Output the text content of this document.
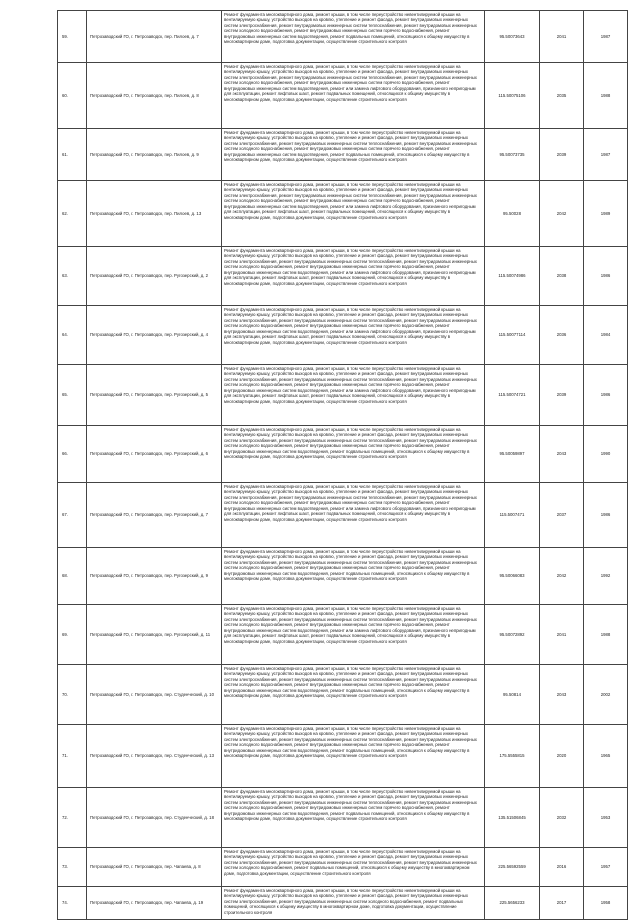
59.	Петрозаводский ГО, г. Петрозаводск, пер. Пилоев, д. 7	Ремонт фундамента многоквартирного дома, ремонт крыши, в том числе переустройство невентилируемой крыши на вентилируемую крышу, устройство выходов на кровлю, утепление и ремонт фасада, ремонт внутридомовых инженерных систем электроснабжения, ремонт внутридомовых инженерных систем теплоснабжения, ремонт внутридомовых инженерных систем холодного водоснабжения, ремонт внутридомовых инженерных систем горячего водоснабжения, ремонт внутридомовых инженерных систем водоотведения, ремонт подвальных помещений, относящихся к общему имуществу в многоквартирном доме, подготовка документации, осуществление строительного контроля	95.50073643	2041	1987
60.	Петрозаводский ГО, г. Петрозаводск, пер. Пилоев, д. 8	Ремонт фундамента многоквартирного дома, ремонт крыши, в том числе переустройство невентилируемой крыши на вентилируемую крышу, устройство выходов на кровлю, утепление и ремонт фасада, ремонт внутридомовых инженерных систем электроснабжения, ремонт внутридомовых инженерных систем теплоснабжения, ремонт внутридомовых инженерных систем холодного водоснабжения, ремонт внутридомовых инженерных систем горячего водоснабжения, ремонт внутридомовых инженерных систем водоотведения, ремонт или замена лифтового оборудования, признанного непригодным для эксплуатации, ремонт лифтовых шахт, ремонт подвальных помещений, относящихся к общему имуществу в многоквартирном доме, подготовка документации, осуществление строительного контроля	115.50075106	2035	1988
61.	Петрозаводский ГО, г. Петрозаводск, пер. Пилоев, д. 9	Ремонт фундамента многоквартирного дома, ремонт крыши, в том числе переустройство невентилируемой крыши на вентилируемую крышу, устройство выходов на кровлю, утепление и ремонт фасада, ремонт внутридомовых инженерных систем электроснабжения, ремонт внутридомовых инженерных систем теплоснабжения, ремонт внутридомовых инженерных систем холодного водоснабжения, ремонт внутридомовых инженерных систем горячего водоснабжения, ремонт внутридомовых инженерных систем водоотведения, ремонт подвальных помещений, относящихся к общему имуществу в многоквартирном доме, подготовка документации, осуществление строительного контроля	95.50073735	2039	1987
62.	Петрозаводский ГО, г. Петрозаводск, пер. Пилоев, д. 13	Ремонт фундамента многоквартирного дома, ремонт крыши, в том числе переустройство невентилируемой крыши на вентилируемую крышу, устройство выходов на кровлю, утепление и ремонт фасада, ремонт внутридомовых инженерных систем электроснабжения, ремонт внутридомовых инженерных систем теплоснабжения, ремонт внутридомовых инженерных систем холодного водоснабжения, ремонт внутридомовых инженерных систем горячего водоснабжения, ремонт внутридомовых инженерных систем водоотведения, ремонт или замена лифтового оборудования, признанного непригодным для эксплуатации, ремонт лифтовых шахт, ремонт подвальных помещений, относящихся к общему имуществу в многоквартирном доме, подготовка документации, осуществление строительного контроля	95.50028	2042	1989
63.	Петрозаводский ГО, г. Петрозаводск, пер. Ругозерский, д. 2	Ремонт фундамента многоквартирного дома, ремонт крыши, в том числе переустройство невентилируемой крыши на вентилируемую крышу, устройство выходов на кровлю, утепление и ремонт фасада, ремонт внутридомовых инженерных систем электроснабжения, ремонт внутридомовых инженерных систем теплоснабжения, ремонт внутридомовых инженерных систем холодного водоснабжения, ремонт внутридомовых инженерных систем горячего водоснабжения, ремонт внутридомовых инженерных систем водоотведения, ремонт или замена лифтового оборудования, признанного непригодным для эксплуатации, ремонт лифтовых шахт, ремонт подвальных помещений, относящихся к общему имуществу в многоквартирном доме, подготовка документации, осуществление строительного контроля	115.50074986	2038	1986
64.	Петрозаводский ГО, г. Петрозаводск, пер. Ругозерский, д. 4	Ремонт фундамента многоквартирного дома, ремонт крыши, в том числе переустройство невентилируемой крыши на вентилируемую крышу, устройство выходов на кровлю, утепление и ремонт фасада, ремонт внутридомовых инженерных систем электроснабжения, ремонт внутридомовых инженерных систем теплоснабжения, ремонт внутридомовых инженерных систем холодного водоснабжения, ремонт внутридомовых инженерных систем горячего водоснабжения, ремонт внутридомовых инженерных систем водоотведения, ремонт или замена лифтового оборудования, признанного непригодным для эксплуатации, ремонт лифтовых шахт, ремонт подвальных помещений, относящихся к общему имуществу в многоквартирном доме, подготовка документации, осуществление строительного контроля	115.50077114	2036	1984
65.	Петрозаводский ГО, г. Петрозаводск, пер. Ругозерский, д. 5	Ремонт фундамента многоквартирного дома, ремонт крыши, в том числе переустройство невентилируемой крыши на вентилируемую крышу, устройство выходов на кровлю, утепление и ремонт фасада, ремонт внутридомовых инженерных систем электроснабжения, ремонт внутридомовых инженерных систем теплоснабжения, ремонт внутридомовых инженерных систем холодного водоснабжения, ремонт внутридомовых инженерных систем горячего водоснабжения, ремонт внутридомовых инженерных систем водоотведения, ремонт или замена лифтового оборудования, признанного непригодным для эксплуатации, ремонт лифтовых шахт, ремонт подвальных помещений, относящихся к общему имуществу в многоквартирном доме, подготовка документации, осуществление строительного контроля	115.50074721	2039	1986
66.	Петрозаводский ГО, г. Петрозаводск, пер. Ругозерский, д. 6	Ремонт фундамента многоквартирного дома, ремонт крыши, в том числе переустройство невентилируемой крыши на вентилируемую крышу, устройство выходов на кровлю, утепление и ремонт фасада, ремонт внутридомовых инженерных систем электроснабжения, ремонт внутридомовых инженерных систем теплоснабжения, ремонт внутридомовых инженерных систем холодного водоснабжения, ремонт внутридомовых инженерных систем горячего водоснабжения, ремонт внутридомовых инженерных систем водоотведения, ремонт подвальных помещений, относящихся к общему имуществу в многоквартирном доме, подготовка документации, осуществление строительного контроля	95.50059897	2043	1990
67.	Петрозаводский ГО, г. Петрозаводск, пер. Ругозерский, д. 7	Ремонт фундамента многоквартирного дома, ремонт крыши, в том числе переустройство невентилируемой крыши на вентилируемую крышу, устройство выходов на кровлю, утепление и ремонт фасада, ремонт внутридомовых инженерных систем электроснабжения, ремонт внутридомовых инженерных систем теплоснабжения, ремонт внутридомовых инженерных систем холодного водоснабжения, ремонт внутридомовых инженерных систем горячего водоснабжения, ремонт внутридомовых инженерных систем водоотведения, ремонт или замена лифтового оборудования, признанного непригодным для эксплуатации, ремонт лифтовых шахт, ремонт подвальных помещений, относящихся к общему имуществу в многоквартирном доме, подготовка документации, осуществление строительного контроля	115.5007471	2037	1986
68.	Петрозаводский ГО, г. Петрозаводск, пер. Ругозерский, д. 9	Ремонт фундамента многоквартирного дома, ремонт крыши, в том числе переустройство невентилируемой крыши на вентилируемую крышу, устройство выходов на кровлю, утепление и ремонт фасада, ремонт внутридомовых инженерных систем электроснабжения, ремонт внутридомовых инженерных систем теплоснабжения, ремонт внутридомовых инженерных систем холодного водоснабжения, ремонт внутридомовых инженерных систем горячего водоснабжения, ремонт внутридомовых инженерных систем водоотведения, ремонт подвальных помещений, относящихся к общему имуществу в многоквартирном доме, подготовка документации, осуществление строительного контроля	95.50066083	2042	1992
69.	Петрозаводский ГО, г. Петрозаводск, пер. Ругозерский, д. 11	Ремонт фундамента многоквартирного дома, ремонт крыши, в том числе переустройство невентилируемой крыши на вентилируемую крышу, устройство выходов на кровлю, утепление и ремонт фасада, ремонт внутридомовых инженерных систем электроснабжения, ремонт внутридомовых инженерных систем теплоснабжения, ремонт внутридомовых инженерных систем холодного водоснабжения, ремонт внутридомовых инженерных систем горячего водоснабжения, ремонт внутридомовых инженерных систем водоотведения, ремонт или замена лифтового оборудования, признанного непригодным для эксплуатации, ремонт лифтовых шахт, ремонт подвальных помещений, относящихся к общему имуществу в многоквартирном доме, подготовка документации, осуществление строительного контроля	95.50072892	2041	1988
70.	Петрозаводский ГО, г. Петрозаводск, пер. Студенческий, д. 10	Ремонт фундамента многоквартирного дома, ремонт крыши, в том числе переустройство невентилируемой крыши на вентилируемую крышу, устройство выходов на кровлю, утепление и ремонт фасада, ремонт внутридомовых инженерных систем электроснабжения, ремонт внутридомовых инженерных систем теплоснабжения, ремонт внутридомовых инженерных систем холодного водоснабжения, ремонт внутридомовых инженерных систем горячего водоснабжения, ремонт внутридомовых инженерных систем водоотведения, ремонт подвальных помещений, относящихся к общему имуществу в многоквартирном доме, подготовка документации, осуществление строительного контроля	95.50814	2043	2002
71.	Петрозаводский ГО, г. Петрозаводск, пер. Студенческий, д. 13	Ремонт фундамента многоквартирного дома, ремонт крыши, в том числе переустройство невентилируемой крыши на вентилируемую крышу, устройство выходов на кровлю, утепление и ремонт фасада, ремонт внутридомовых инженерных систем электроснабжения, ремонт внутридомовых инженерных систем теплоснабжения, ремонт внутридомовых инженерных систем холодного водоснабжения, ремонт внутридомовых инженерных систем горячего водоснабжения, ремонт внутридомовых инженерных систем водоотведения, ремонт подвальных помещений, относящихся к общему имуществу в многоквартирном доме, подготовка документации, осуществление строительного контроля	175.5555815	2020	1965
72.	Петрозаводский ГО, г. Петрозаводск, пер. Студенческий, д. 18	Ремонт фундамента многоквартирного дома, ремонт крыши, в том числе переустройство невентилируемой крыши на вентилируемую крышу, устройство выходов на кровлю, утепление и ремонт фасада, ремонт внутридомовых инженерных систем электроснабжения, ремонт внутридомовых инженерных систем теплоснабжения, ремонт внутридомовых инженерных систем холодного водоснабжения, ремонт внутридомовых инженерных систем горячего водоснабжения, ремонт внутридомовых инженерных систем водоотведения, ремонт подвальных помещений, относящихся к общему имуществу в многоквартирном доме, подготовка документации, осуществление строительного контроля	135.51506845	2032	1953
73.	Петрозаводский ГО, г. Петрозаводск, пер. Чапаева, д. 8	Ремонт фундамента многоквартирного дома, ремонт крыши, в том числе переустройство невентилируемой крыши на вентилируемую крышу, устройство выходов на кровлю, утепление и ремонт фасада, ремонт внутридомовых инженерных систем электроснабжения, ремонт внутридомовых инженерных систем теплоснабжения, ремонт внутридомовых инженерных систем холодного водоснабжения, ремонт подвальных помещений, относящихся к общему имуществу в многоквартирном доме, подготовка документации, осуществление строительного контроля	225.56592559	2016	1957
74.	Петрозаводский ГО, г. Петрозаводск, пер. Чапаева, д. 19	Ремонт фундамента многоквартирного дома, ремонт крыши, в том числе переустройство невентилируемой крыши на вентилируемую крышу, устройство выходов на кровлю, утепление и ремонт фасада, ремонт внутридомовых инженерных систем электроснабжения, ремонт внутридомовых инженерных систем холодного водоснабжения, ремонт подвальных помещений, относящихся к общему имуществу в многоквартирном доме, подготовка документации, осуществление строительного контроля	225.5656233	2017	1958
